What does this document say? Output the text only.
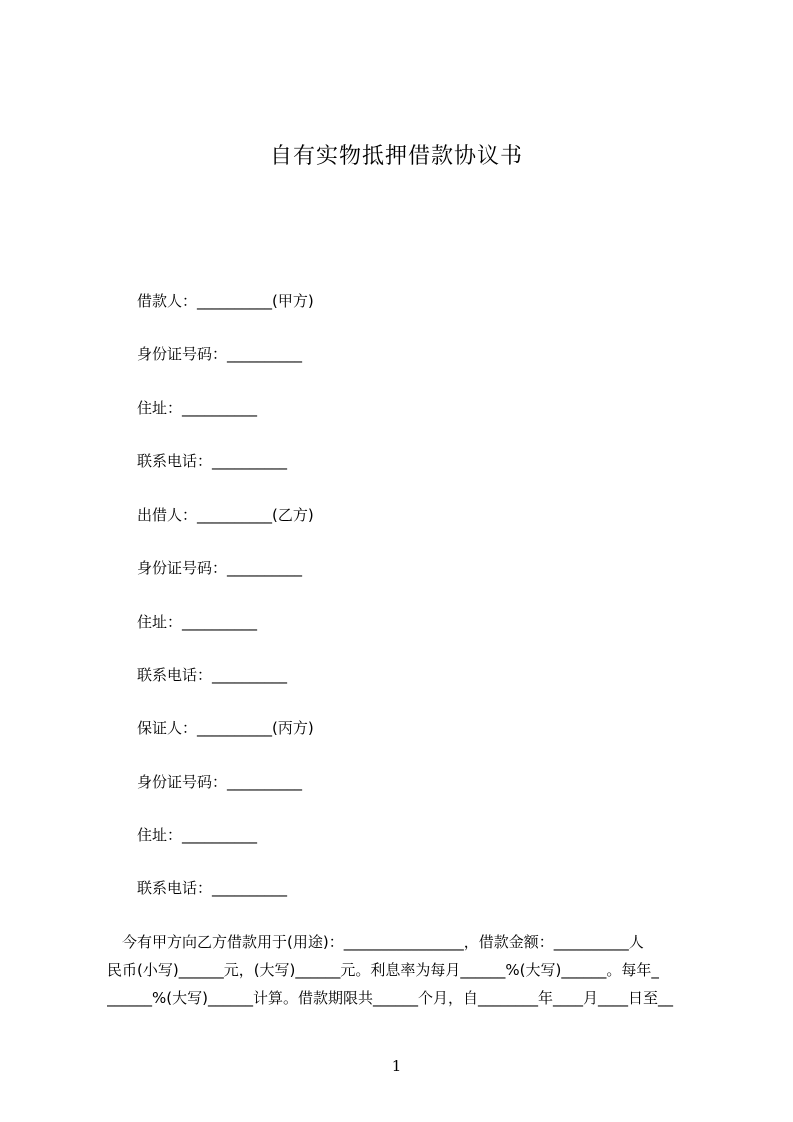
自有实物抵押借款协议书
借款人：__________(甲方)
身份证号码：__________
住址：__________
联系电话：__________
出借人：__________(乙方)
身份证号码：__________
住址：__________
联系电话：__________
保证人：__________(丙方)
身份证号码：__________
住址：__________
联系电话：__________
　今有甲方向乙方借款用于(用途)：________________，借款金额：__________人
民币(小写)______元，(大写)______元。利息率为每月______%(大写)______。每年_
______%(大写)______计算。借款期限共______个月，自________年____月____日至__
1
